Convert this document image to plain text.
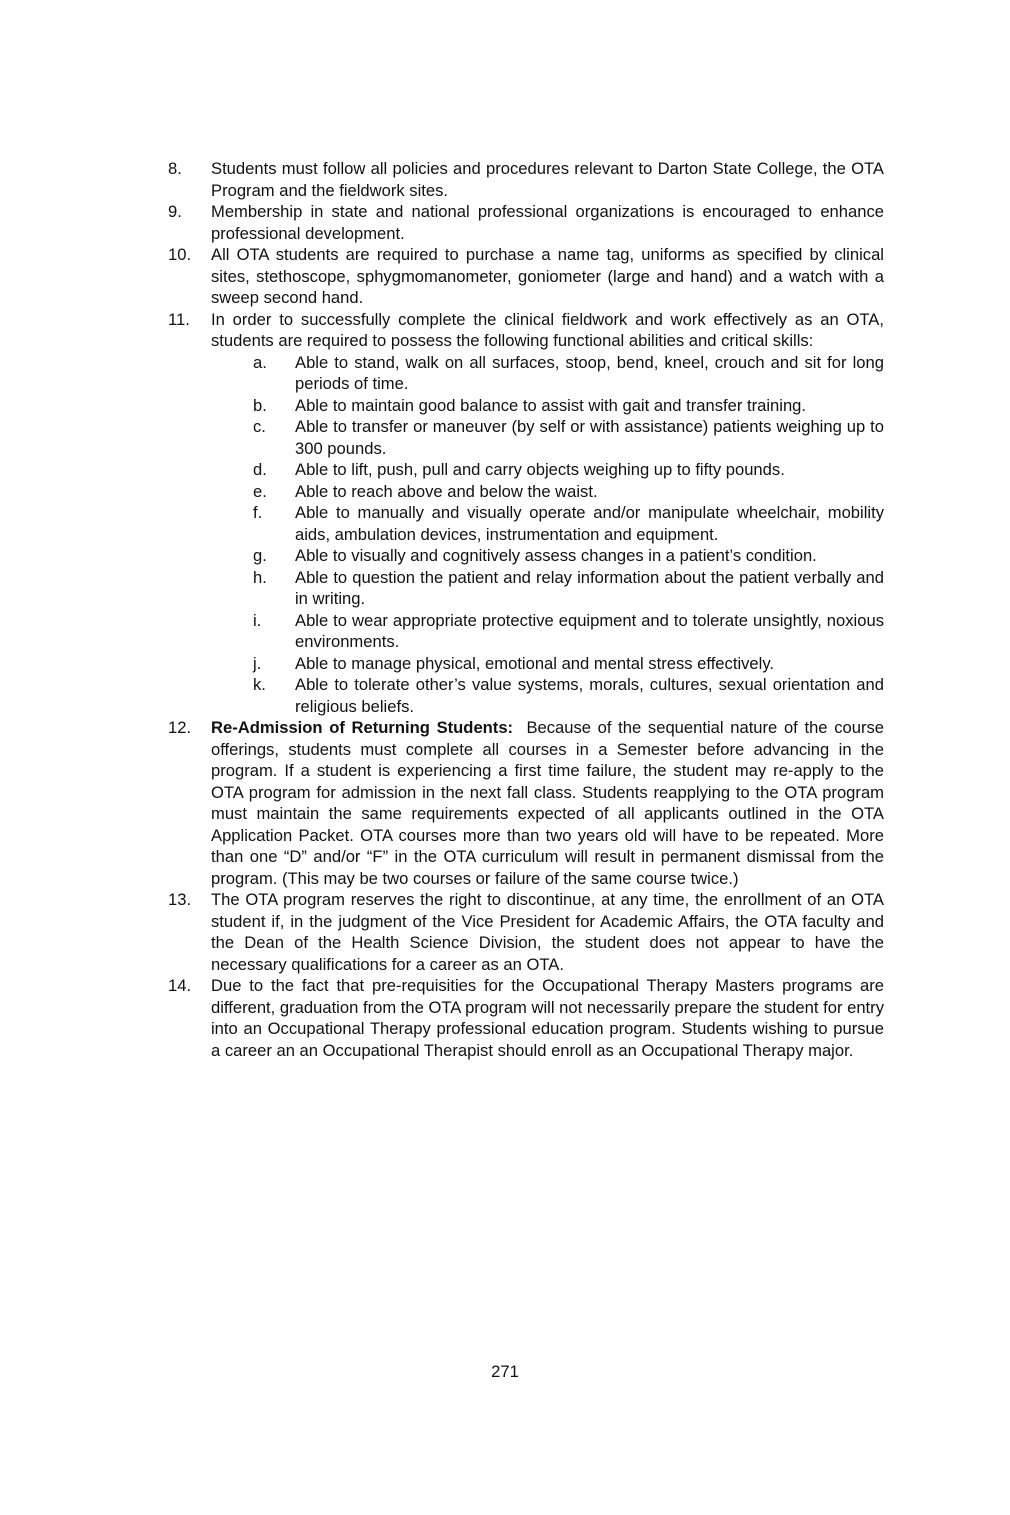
8. Students must follow all policies and procedures relevant to Darton State College, the OTA Program and the fieldwork sites.
9. Membership in state and national professional organizations is encouraged to enhance professional development.
10. All OTA students are required to purchase a name tag, uniforms as specified by clinical sites, stethoscope, sphygmomanometer, goniometer (large and hand) and a watch with a sweep second hand.
11. In order to successfully complete the clinical fieldwork and work effectively as an OTA, students are required to possess the following functional abilities and critical skills:
a. Able to stand, walk on all surfaces, stoop, bend, kneel, crouch and sit for long periods of time.
b. Able to maintain good balance to assist with gait and transfer training.
c. Able to transfer or maneuver (by self or with assistance) patients weighing up to 300 pounds.
d. Able to lift, push, pull and carry objects weighing up to fifty pounds.
e. Able to reach above and below the waist.
f. Able to manually and visually operate and/or manipulate wheelchair, mobility aids, ambulation devices, instrumentation and equipment.
g. Able to visually and cognitively assess changes in a patient’s condition.
h. Able to question the patient and relay information about the patient verbally and in writing.
i. Able to wear appropriate protective equipment and to tolerate unsightly, noxious environments.
j. Able to manage physical, emotional and mental stress effectively.
k. Able to tolerate other’s value systems, morals, cultures, sexual orientation and religious beliefs.
12. Re-Admission of Returning Students: Because of the sequential nature of the course offerings, students must complete all courses in a Semester before advancing in the program. If a student is experiencing a first time failure, the student may re-apply to the OTA program for admission in the next fall class. Students reapplying to the OTA program must maintain the same requirements expected of all applicants outlined in the OTA Application Packet. OTA courses more than two years old will have to be repeated. More than one “D” and/or “F” in the OTA curriculum will result in permanent dismissal from the program. (This may be two courses or failure of the same course twice.)
13. The OTA program reserves the right to discontinue, at any time, the enrollment of an OTA student if, in the judgment of the Vice President for Academic Affairs, the OTA faculty and the Dean of the Health Science Division, the student does not appear to have the necessary qualifications for a career as an OTA.
14. Due to the fact that pre-requisities for the Occupational Therapy Masters programs are different, graduation from the OTA program will not necessarily prepare the student for entry into an Occupational Therapy professional education program. Students wishing to pursue a career an an Occupational Therapist should enroll as an Occupational Therapy major.
271
